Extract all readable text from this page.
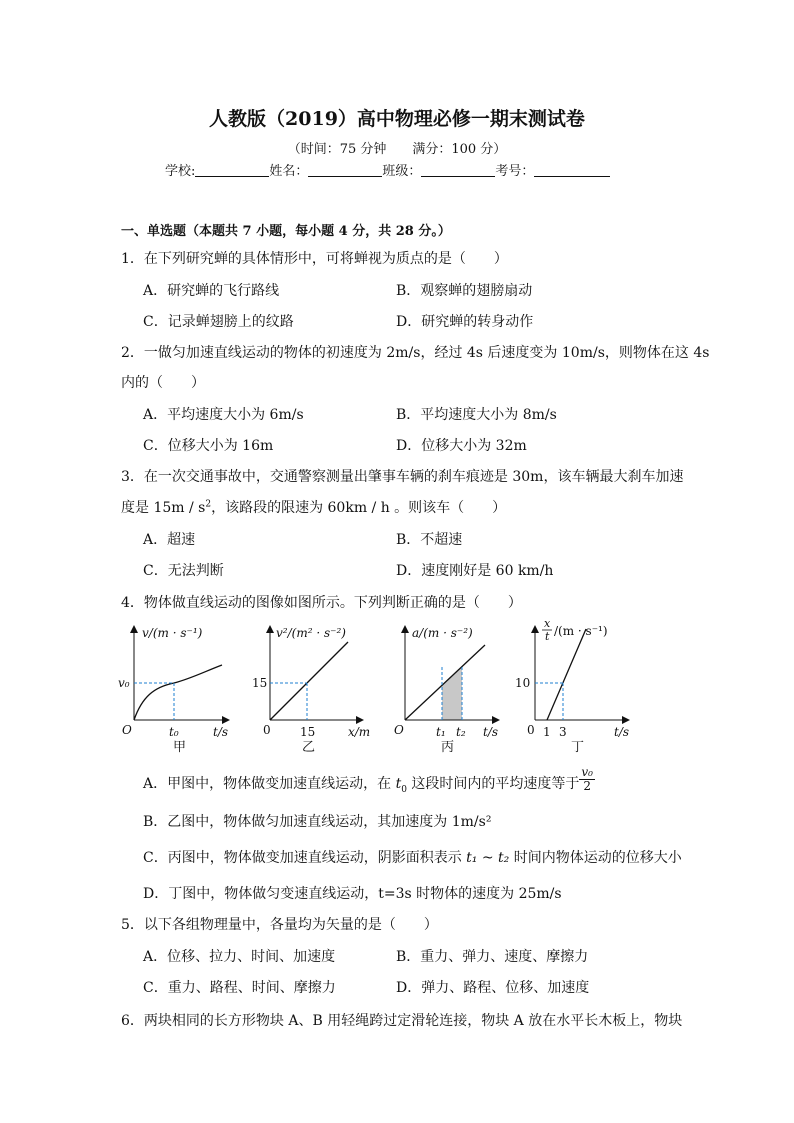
人教版（2019）高中物理必修一期末测试卷
（时间：75 分钟　　满分：100 分）
学校:	姓名：	班级：	考号：
一、单选题（本题共 7 小题，每小题 4 分，共 28 分。）
1．在下列研究蝉的具体情形中，可将蝉视为质点的是（　　）
A．研究蝉的飞行路线	B．观察蝉的翅膀扇动
C．记录蝉翅膀上的纹路	D．研究蝉的转身动作
2．一做匀加速直线运动的物体的初速度为 2m/s，经过 4s 后速度变为 10m/s，则物体在这 4s
内的（　　）
A．平均速度大小为 6m/s	B．平均速度大小为 8m/s
C．位移大小为 16m	D．位移大小为 32m
3．在一次交通事故中，交通警察测量出肇事车辆的刹车痕迹是 30m，该车辆最大刹车加速
度是 $15m / s^2$，该路段的限速为 60km / h 。则该车（　　）
A．超速	B．不超速
C．无法判断	D．速度刚好是 60 km/h
4．物体做直线运动的图像如图所示。下列判断正确的是（　　）
v/(m · s⁻¹)
v₀
t₀	t/s
O
甲
v²/(m² · s⁻²)
15
15	x/m
0
乙
a/(m · s⁻²)
t₁ t₂ t/s
O
丙
x
t /(m · s⁻¹)
10
1 3	t/s
0
丁
A．甲图中，物体做变加速直线运动，在 $t_0$ 这段时间内的平均速度等于 $\frac{\text{v₀}}{2}$
B．乙图中，物体做匀加速直线运动，其加速度为 1m/s²
C．丙图中，物体做变加速直线运动，阴影面积表示 t₁ ~ t₂ 时间内物体运动的位移大小
D．丁图中，物体做匀变速直线运动，t=3s 时物体的速度为 25m/s
5．以下各组物理量中，各量均为矢量的是（　　）
A．位移、拉力、时间、加速度	B．重力、弹力、速度、摩擦力
C．重力、路程、时间、摩擦力	D．弹力、路程、位移、加速度
6．两块相同的长方形物块 A、B 用轻绳跨过定滑轮连接，物块 A 放在水平长木板上，物块
